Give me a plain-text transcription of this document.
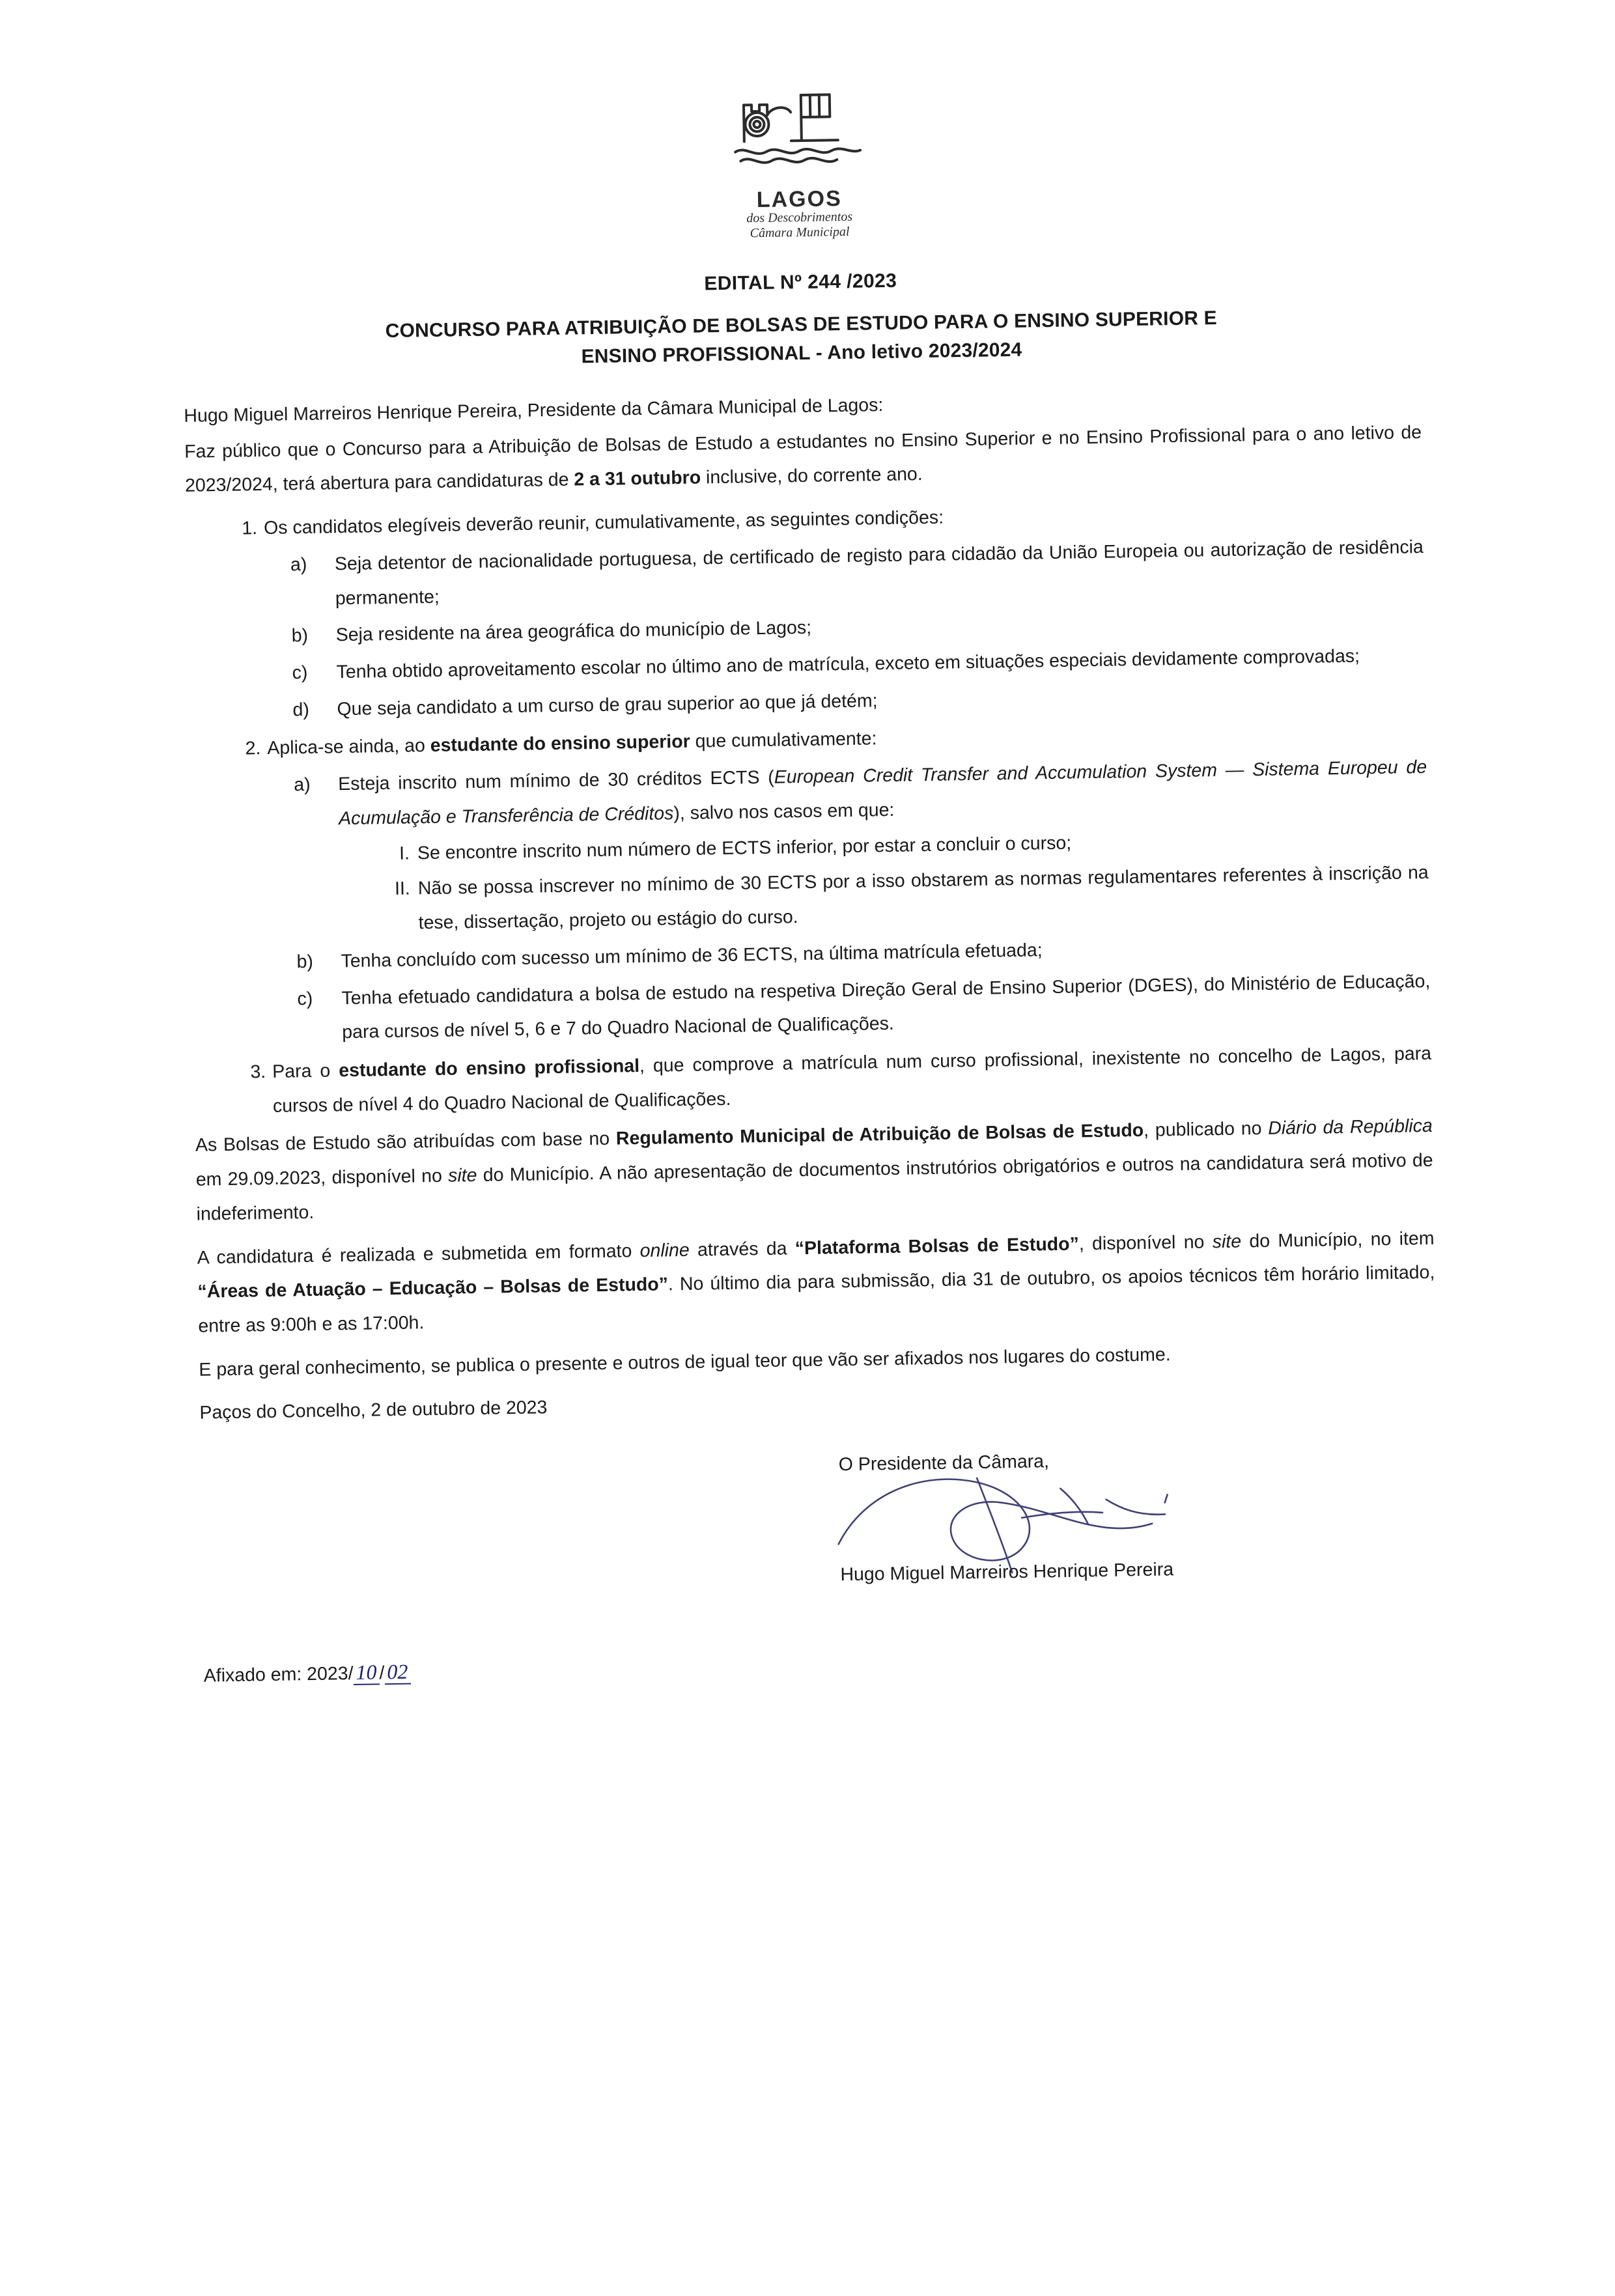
LAGOS
dos Descobrimentos
Câmara Municipal
EDITAL Nº 244 /2023
CONCURSO PARA ATRIBUIÇÃO DE BOLSAS DE ESTUDO PARA O ENSINO SUPERIOR E
ENSINO PROFISSIONAL - Ano letivo 2023/2024

Hugo Miguel Marreiros Henrique Pereira, Presidente da Câmara Municipal de Lagos:

Faz público que o Concurso para a Atribuição de Bolsas de Estudo a estudantes no Ensino Superior e no Ensino Profissional para o ano letivo de 2023/2024, terá abertura para candidaturas de 2 a 31 outubro inclusive, do corrente ano.

1. Os candidatos elegíveis deverão reunir, cumulativamente, as seguintes condições:
a)	Seja detentor de nacionalidade portuguesa, de certificado de registo para cidadão da União Europeia ou autorização de residência permanente;
b)	Seja residente na área geográfica do município de Lagos;
c)	Tenha obtido aproveitamento escolar no último ano de matrícula, exceto em situações especiais devidamente comprovadas;
d)	Que seja candidato a um curso de grau superior ao que já detém;
2. Aplica-se ainda, ao estudante do ensino superior que cumulativamente:
a)	Esteja inscrito num mínimo de 30 créditos ECTS (European Credit Transfer and Accumulation System — Sistema Europeu de Acumulação e Transferência de Créditos), salvo nos casos em que:
I. Se encontre inscrito num número de ECTS inferior, por estar a concluir o curso;
II. Não se possa inscrever no mínimo de 30 ECTS por a isso obstarem as normas regulamentares referentes à inscrição na tese, dissertação, projeto ou estágio do curso.
b)	Tenha concluído com sucesso um mínimo de 36 ECTS, na última matrícula efetuada;
c)	Tenha efetuado candidatura a bolsa de estudo na respetiva Direção Geral de Ensino Superior (DGES), do Ministério de Educação, para cursos de nível 5, 6 e 7 do Quadro Nacional de Qualificações.
3. Para o estudante do ensino profissional, que comprove a matrícula num curso profissional, inexistente no concelho de Lagos, para cursos de nível 4 do Quadro Nacional de Qualificações.

As Bolsas de Estudo são atribuídas com base no Regulamento Municipal de Atribuição de Bolsas de Estudo, publicado no Diário da República em 29.09.2023, disponível no site do Município. A não apresentação de documentos instrutórios obrigatórios e outros na candidatura será motivo de indeferimento.

A candidatura é realizada e submetida em formato online através da “Plataforma Bolsas de Estudo”, disponível no site do Município, no item “Áreas de Atuação – Educação – Bolsas de Estudo”. No último dia para submissão, dia 31 de outubro, os apoios técnicos têm horário limitado, entre as 9:00h e as 17:00h.

E para geral conhecimento, se publica o presente e outros de igual teor que vão ser afixados nos lugares do costume.

Paços do Concelho, 2 de outubro de 2023

O Presidente da Câmara,
Hugo Miguel Marreiros Henrique Pereira
Afixado em: 2023/ 10 / 02
